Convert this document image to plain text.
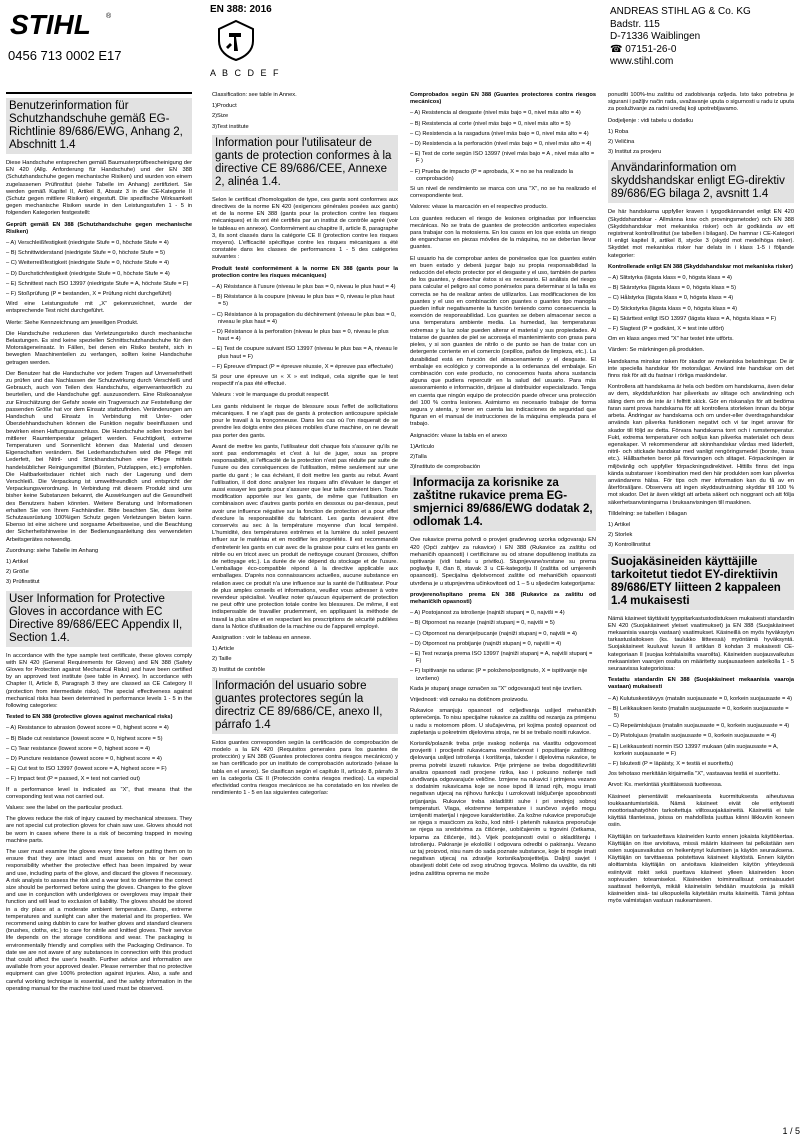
STIHL ®
0456 713 0002 E17
EN 388: 2016
A B C D E F
ANDREAS STIHL AG & Co. KG
Badstr. 115
D-71336 Waiblingen
☎ 07151-26-0
www.stihl.com
Benutzerinformation für Schutzhandschuhe gemäß EG-Richtlinie 89/686/EWG, Anhang 2, Abschnitt 1.4

Diese Handschuhe entsprechen gemäß Baumusterprüfbescheinigung der EN 420 (Allg. Anforderung für Handschuhe) und der EN 388 (Schutzhandschuhe gegen mechanische Risiken) und wurden von einem zugelassenen Prüfinstitut (siehe Tabelle im Anhang) zertifiziert. Sie werden gemäß Kapitel II, Artikel 8, Absatz 3 in die CE-Kategorie II (Schutz gegen mittlere Risiken) eingestuft. Die spezifische Wirksamkeit gegen mechanische Risiken wurde in den Leistungsstufen 1 - 5 in folgenden Kategorien festgestellt:

Geprüft gemäß EN 388 (Schutzhandschuhe gegen mechanische Risiken)

– A) Verschleißfestigkeit (niedrigste Stufe = 0, höchste Stufe = 4)
– B) Schnittwiderstand (niedrigste Stufe = 0, höchste Stufe = 5)
– C) Weiterreißfestigkeit (niedrigste Stufe = 0, höchste Stufe = 4)
– D) Durchstichfestigkeit (niedrigste Stufe = 0, höchste Stufe = 4)
– E) Schnittest nach ISO 13997 (niedrigste Stufe = A, höchste Stufe = F)
– F) Stoßprüfung (P = bestanden, X = Prüfung nicht durchgeführt)

Wird eine Leistungsstufe mit „X“ gekennzeichnet, wurde der entsprechende Test nicht durchgeführt.

Werte: Siehe Kennzeichnung am jeweiligen Produkt.

Die Handschuhe reduzieren das Verletzungsrisiko durch mechanische Belastungen. Es sind keine speziellen Schnittschutzhandschuhe für den Motorsägeneinsatz. In Fällen, bei denen ein Risiko besteht, sich in bewegten Maschinenteilen zu verfangen, sollten keine Handschuhe getragen werden.

Der Benutzer hat die Handschuhe vor jedem Tragen auf Unversehrtheit zu prüfen und das Nachlassen der Schutzwirkung durch Verschleiß und Gebrauch, auch von Teilen des Handschuhs, eigenverantwortlich zu beurteilen, und die Handschuhe ggf. auszusondern. Eine Risikoanalyse zur Einschätzung der Gefahr sowie ein Tragversuch zur Feststellung der passenden Größe hat vor dem Einsatz stattzufinden. Veränderungen am Handschuh und Einsatz in Verbindung mit Unter- oder Überziehhandschuhen können die Funktion negativ beeinflussen und bewirken einen Haftungsausschluss. Die Handschuhe sollen trocken bei mittlerer Raumtemperatur gelagert werden. Feuchtigkeit, extreme Temperaturen und Sonnenlicht können das Material und dessen Eigenschaften verändern. Bei Lederhandschuhen wird die Pflege mit Lederfett, bei Nitril- und Strickhandschuhen eine Pflege mittels handelsüblicher Reinigungsmittel (Bürsten, Putzlappen, etc.) empfohlen. Die Haltbarkeitsdauer richtet sich nach der Lagerung und dem Verschleiß. Die Verpackung ist umweltfreundlich und entspricht der Verpackungsverordnung. In Verbindung mit diesem Produkt sind uns bisher keine Substanzen bekannt, die Auswirkungen auf die Gesundheit des Benutzers haben könnten. Weitere Beratung und Informationen erhalten Sie von Ihrem Fachhändler. Bitte beachten Sie, dass keine Schutzausrüstung 100%igen Schutz gegen Verletzungen bieten kann. Ebenso ist eine sichere und sorgsame Arbeitsweise, und die Beachtung der Sicherheitshinweise in der Bedienungsanleitung des verwendeten Arbeitsgerätes notwendig.

Zuordnung: siehe Tabelle im Anhang

1) Artikel
2) Größe
3) Prüfinstitut
User Information for Protective Gloves in accordance with EC Directive 89/686/EEC Appendix II, Section 1.4.

In accordance with the type sample test certificate, these gloves comply with EN 420 (General Requirements for Gloves) and EN 388 (Safety Gloves for Protection against Mechanical Risks) and have been certified by an approved test institute (see table in Annex). In accordance with Chapter II, Article 8, Paragraph 3 they are classed as CE Category II (protection from intermediate risks). The special effectiveness against mechanical risks has been determined in performance levels 1 - 5 in the following categories:

Tested to EN 388 (protective gloves against mechanical risks)

– A) Resistance to abrasion (lowest score = 0, highest score = 4)
– B) Blade cut resistance (lowest score = 0, highest score = 5)
– C) Tear resistance (lowest score = 0, highest score = 4)
– D) Puncture resistance (lowest score = 0, highest score = 4)
– E) Cut test to ISO 13997 (lowest score = A, highest score = F)
– F) Impact test (P = passed, X = test not carried out)

If a performance level is indicated as “X”, that means that the corresponding test was not carried out.

Values: see the label on the particular product.

The gloves reduce the risk of injury caused by mechanical stresses. They are not special cut protection gloves for chain saw use. Gloves should not be worn in cases where there is a risk of becoming trapped in moving machine parts.

The user must examine the gloves every time before putting them on to ensure that they are intact and must assess on his or her own responsibility whether the protective effect has been impaired by wear and use, including parts of the glove, and discard the gloves if necessary. A risk analysis to assess the risk and a wear test to determine the correct size should be performed before using the gloves. Changes to the glove and use in conjunction with underlgloves or overgloves may impair their function and will lead to exclusion of liability. The gloves should be stored in a dry place at a moderate ambient temperature. Damp, extreme temperatures and sunlight can alter the material and its properties. We recommend using dubbin to care for leather gloves and standard cleaners (brushes, cloths, etc.) to care for nitrile and knitted gloves. Their service life depends on the storage conditions and wear. The packaging is environmentally friendly and complies with the Packaging Ordinance. To date we are not aware of any substances in connection with this product that could affect the user's health. Further advice and information are available from your approved dealer. Please remember that no protective equipment can give 100% protection against injuries. Also, a safe and careful working technique is essential, and the safety information in the operating manual for the machine tool used must be observed.

Classification: see table in Annex.

1)Product
2)Size
3)Test institute
Information pour l'utilisateur de gants de protection conformes à la directive CE 89/686/CEE, Annexe 2, alinéa 1.4.

Selon le certificat d'homologation de type, ces gants sont conformes aux directives de la norme EN 420 (exigences générales posées aux gants) et de la norme EN 388 (gants pour la protection contre les risques mécaniques) et ils ont été certifiés par un institut de contrôle agréé (voir le tableau en annexe). Conformément au chapitre II, article 8, paragraphe 3, ils sont classés dans la catégorie CE II (protection contre les risques moyens). L'efficacité spécifique contre les risques mécaniques a été constatée dans les classes de performances 1 - 5 des catégories suivantes :

Produit testé conformément à la norme EN 388 (gants pour la protection contre les risques mécaniques)

– A) Résistance à l'usure (niveau le plus bas = 0, niveau le plus haut = 4)
– B) Résistance à la coupure (niveau le plus bas = 0, niveau le plus haut = 5)
– C) Résistance à la propagation du déchirement (niveau le plus bas = 0, niveau le plus haut = 4)
– D) Résistance à la perforation (niveau le plus bas = 0, niveau le plus haut = 4)
– E) Test de coupure suivant ISO 13997 (niveau le plus bas = A, niveau le plus haut = F)
– F) Épreuve d'impact (P = épreuve réussie, X = épreuve pas effectuée)

Si pour une épreuve un « X » est indiqué, cela signifie que le test respectif n'a pas été effectué.

Valeurs : voir le marquage du produit respectif.

Les gants réduisent le risque de blessure sous l'effet de sollicitations mécaniques. Il ne s'agit pas de gants à protection anticoupure spéciale pour le travail à la tronçonneuse. Dans les cas où l'on risquerait de se prendre les doigts entre des pièces mobiles d'une machine, on ne devrait pas porter des gants.

Avant de mettre les gants, l'utilisateur doit chaque fois s'assurer qu'ils ne sont pas endommagés et c'est à lui de juger, sous sa propre responsabilité, si l'efficacité de la protection n'est pas réduite par suite de l'usure ou des conséquences de l'utilisation, même seulement sur une partie du gant ; le cas échéant, il doit mettre les gants au rebut. Avant l'utilisation, il doit donc analyser les risques afin d'évaluer le danger et aussi essayer les gants pour s'assurer que leur taille convient bien. Toute modification apportée sur les gants, de même que l'utilisation en combinaison avec d'autres gants portés en dessous ou par-dessus, peut avoir une influence négative sur la fonction de protection et a pour effet d'exclure la responsabilité du fabricant. Les gants devraient être conservés au sec à la température moyenne d'un local tempéré. L'humidité, des températures extrêmes et la lumière du soleil peuvent influer sur le matériau et en modifier les propriétés. Il est recommandé d'entretenir les gants en cuir avec de la graisse pour cuirs et les gants en nitrile ou en tricot avec un produit de nettoyage courant (brosses, chiffon de nettoyage etc.). La durée de vie dépend du stockage et de l'usure. L'emballage éco-compatible répond à la directive applicable aux emballages. D'après nos connaissances actuelles, aucune substance en relation avec ce produit n'a une influence sur la santé de l'utilisateur. Pour de plus amples conseils et informations, veuillez vous adresser à votre revendeur spécialisé. Veuillez noter qu'aucun équipement de protection ne peut offrir une protection totale contre les blessures. De même, il est indispensable de travailler prudemment, en appliquant la méthode de travail la plus sûre et en respectant les prescriptions de sécurité publiées dans la Notice d'utilisation de la machine ou de l'appareil employé.

Assignation : voir le tableau en annexe.

1) Article
2) Taille
3) Institut de contrôle
Información del usuario sobre guantes protectores según la directriz CE 89/686/CE, anexo II, párrafo 1.4

Estos guantes corresponden según la certificación de comprobación de modelo a la EN 420 (Requisitos generales para los guantes de protección) y EN 388 (Guantes protectores contra riesgos mecánicos) y se han certificado por un instituto de comprobación autorizado (véase la tabla en el anexo). Se clasifican según el capítulo II, artículo 8, párrafo 3 en la categoría CE II (Protección contra riesgos medios). La especial efectividad contra riesgos mecánicos se ha constatado en los niveles de rendimiento 1 - 5 en las siguientes categorías:

Comprobados según EN 388 (Guantes protectores contra riesgos mecánicos)

– A) Resistencia al desgaste (nivel más bajo = 0, nivel más alto = 4)
– B) Resistencia al corte (nivel más bajo = 0, nivel más alto = 5)
– C) Resistencia a la rasgadura (nivel más bajo = 0, nivel más alto = 4)
– D) Resistencia a la perforación (nivel más bajo = 0, nivel más alto = 4)
– E) Test de corte según ISO 13997 (nivel más bajo = A , nivel más alto = F )
– F) Prueba de impacto (P = aprobada, X = no se ha realizado la comprobación)

Si un nivel de rendimiento se marca con una "X", no se ha realizado el correspondiente test.

Valores: véase la marcación en el respectivo producto.

Los guantes reducen el riesgo de lesiones originadas por influencias mecánicas. No se trata de guantes de protección anticortes especiales para trabajar con la motosierra. En los casos en los que exista un riesgo de engancharse en piezas móviles de la máquina, no se deberían llevar guantes.

El usuario ha de comprobar antes de ponérselos que los guantes estén en buen estado y deberá juzgar bajo su propia responsabilidad la reducción del efecto protector por el desgaste y el uso, también de partes de los guantes, y desechar éstos si es necesario. El análisis del riesgo para calcular el peligro así como ponérselos para determinar si la talla es correcta se ha de realizar antes de utilizarlos. Las modificaciones de los guantes y el uso en combinación con guantes o guantes tipo manopla pueden influir negativamente la función teniendo como consecuencia la exención de responsabilidad. Los guantes se deben almacenar secos a una temperatura ambiente media. La humedad, las temperaturas extremas y la luz solar pueden alterar el material y sus propiedades. Al tratarse de guantes de piel se aconseja el mantenimiento con grasa para pieles, y si son guantes de nitrilo o de punto se han de tratar con un detergente corriente en el comercio (cepillos, paños de limpieza, etc.). La durabilidad está en función del almacenamiento y el desgaste. El embalaje es ecológico y corresponde a la ordenanza del embalaje. En combinación con este producto, no conocemos hasta ahora sustancia alguna que pudiera repercutir en la salud del usuario. Para más asesoramiento e información, diríjase al distribuidor especializado. Tenga en cuenta que ningún equipo de protección puede ofrecer una protección del 100 % contra lesiones. Asimismo es necesario trabajar de forma segura y atenta, y tener en cuenta las indicaciones de seguridad que figuran en el manual de instrucciones de la máquina empleada para el trabajo.

Asignación: véase la tabla en el anexo

1)Artículo
2)Talla
3)Instituto de comprobación
Informacija za korisnike za zaštitne rukavice prema EG-smjernici 89/686/EWG dodatak 2, odlomak 1.4.

Ove rukavice prema potvrdi o provjeri građevnog uzorka odgovaraju EN 420 (Opći zahtjev za rukavice) i EN 388 (Rukavice za zaštitu od mehaničih opasnosti) i certificirane su od strane dopuštenog instituta za ispitivanje (vidi tabelu u privitku). Stupnjevane/svrstane su prema poglavlju II, član 8, stavak 3 u CE-kategoriju II (zaštita od umjerenih opasnosti). Specijalna djelotvornost zaštite od mehaničkih opasnosti utvrđena je u stupnjevima učinkovitosti od 1 – 5 u sljedećim kategorijama:

provjereno/ispitano prema EN 388 (Rukavice za zaštitu od mehaničkih opasnosti)

– A) Postojanost za istrošenje (najniži stupanj = 0, najviši = 4)
– B) Otpornost na rezanje (najniži stupanj = 0, najviši = 5)
– C) Otpornost na deranje/pucanje (najniži stupanj = 0, najviši = 4)
– D) Otpornost na probijanje (najniži stupanj = 0, najviši = 4)
– E) Test rezanja prema ISO 13997 (najniži stupanj = A, najviši stupanj = F)
– F) Ispitivanje na udarac (P = položeno/postignuto, X = ispitivanje nije izvršeno)

Kada je stupanj snage označen sa "X" odgovarajući test nije izvršen.

Vrijednosti: vidi oznaku na dotičnom proizvodu.

Rukavice smanjuju opasnost od ozljeđivanja uslijed mehaničkih opterećenja. To nisu specijalne rukavice za zaštitu od rezanja za primjenu u radu s motornom pilom. U slučajevima, pri kojima postoji opasnost od zapletanja u pokretnim dijelovima stroja, ne bi se trebalo nositi rukavice.

Korisnik/polaznik treba prije svakog nošenja na vlastitu odgovornost provjeriti i procijeniti rukavicama neoštećenost i popuštanje zaštitnog djelovanja uslijed istrošenja i korištenja, također i dijelovima rukavice, te prema potrebi izuzeti rukavice. Prije primjene se treba dogoditi/izvršiti analiza opasnosti radi procjene rizika, kao i pokusno nošenje radi utvrđivanja odgovarajuće veličine. Izmjene na rukavici i primjena vezano s dodatnim rukavicama koje se nose ispod ili iznad njih, mogu imati negativan utjecaj na njihovu funkciju i uzrokovati isključenje sposobnosti prijanjanja. Rukavice treba skladištiti suhe i pri srednjoj sobnoj temperaturi. Vlaga, ekstremne temperature i sunčevo svjetlo mogu izmijeniti materijal i njegove karakteristike. Za kožne rukavice preporučuje se njega s masćicom za kožu, kod nitril- i pletenih rukavica preporučuje se njega sa sredstvima za čišćenje, uobičajenim u trgovini (četkama, krpama za čišćenje, itd.). Vijek postojanosti ovisi o skladištenju i istrošenju. Pakiranje je ekološki i odgovara odredbi o pakiranju. Vezano uz taj proizvod, nisu nam do sada poznate substance, koje bi mogle imati negativan utjecaj na zdravlje korisnika/posjetitelja. Daljnji savjet i obavijesti dobit ćete od svog stručnog trgovca. Molimo da uvažite, da niti jedna zaštitna oprema ne može

ponuditi 100%-tnu zaštitu od zadobivanja ozljeda. Isto tako potrebna je sigurani i pažljiv način rada, uvažavanje uputa o sigurnosti u radu iz uputa za posluživanje za radni uređaj koji upotrebljavamo.

Dodjeljenje : vidi tabelu u dodatku

1) Roba
2) Veličina
3) Institut za provjeru
Användarinformation om skyddshandskar enligt EG-direktiv 89/686/EG bilaga 2, avsnitt 1.4

De här handskarna uppfyller kraven i typgodkännandet enligt EN 420 (Skyddshandskar - Allmänna krav och provningsmetoder) och EN 388 (Skyddshandskar mot mekaniska risker) och är godkända av ett registrerat kontrollinstitut (se tabellen i bilagan). De hamnar i CE-Kategori II enligt kapitel II, artikel 8, stycke 3 (skydd mot medelhöga risker). Skyddet mot mekaniska risker har delats in i klass 1-5 i följande kategorier:

Kontrollerade enligt EN 388 (Skyddshandskar mot mekaniska risker)

– A) Slitstyrka (lägsta klass = 0, högsta klass = 4)
– B) Skärstyrka (lägsta klass = 0, högsta klass = 5)
– C) Hålstyrka (lägsta klass = 0, högsta klass = 4)
– D) Stickstyrka (lägsta klass = 0, högsta klass = 4)
– E) Skärttest enligt ISO 13997 (lägsta klass = A, högsta klass = F)
– F) Slagtest (P = godkänt, X = test inte utfört)

Om en klass anges med "X" har testet inte utförts.

Värden: Se märkningen på produkten.

Handskarna minskar risken för skador av mekaniska belastningar. De är inte speciella handskar för motorsågar. Använd inte handskar om det finns risk för att du fastnar i rörliga maskindelar.

Kontrollera att handskarna är hela och bedöm om handskarna, även delar av dem, skyddsfunktion har påverkats av slitage och användning och släng dem om de inte är i felfritt skick. Gör en riskanalys för att bedöma faran samt prova handskarna för att kontrollera storleken innan du börjar arbeta. Ändringar av handskarna och om under-eller överdragshandskar används kan påverka funktionen negativt och vi tar inget ansvar för skador till följd av detta. Förvara handskarna torrt och i rumstemperatur. Fukt, extrema temperaturer och solljus kan påverka materialet och dess egenskaper. Vi rekommenderar att skinnhandskar vårdas med läderfett, nitril- och stickade handskar med vanligt rengöringsmedel (borste, trasa etc.). Hållbarheten beror på förvaringen och slitaget. Förpackningen är miljövänlig och uppfyller förpackningsdirektivet. Hittills finns det inga kända substanser i kombination med den här produkten som kan påverka användarens hälsa. För tips och mer information kan du få av en återförsäljare. Observera att ingen skyddsutrustning skyddar till 100 % mot skador. Det är även viktigt att arbeta säkert och noggrant och att följa säkerhetsanvisningarna i bruksanvisningen till maskinen.

Tilldelning: se tabellen i bilagan

1) Artikel
2) Storlek
3) Kontrollinstitut
Suojakäsineiden käyttäjille tarkoitetut tiedot EY-direktiivin 89/686/ETY liitteen 2 kappaleen 1.4 mukaisesti

Nämä käsineet täyttävät tyyppitarkastustodistuksen mukaisesti standardin EN 420 (Suojakäsineet yleiset vaatimukset) ja EN 388 (Suojakäsineet mekaanisia vaaroja vastaan) vaatimukset. Käsineillä on myös hyväksytyn tarkastuslaitoksen (ks. taulukko liitteessä) myöntämä hyväksyntä. Suojakäsineet kuuluvat luvun II artiklan 8 kohdan 3 mukaisesti CE-kategoriaan II (suojaa kohtalaisilta vaaroilta). Käsineiden suojausvaikutus mekaanisten vaarojen osalta on määritetty suojausasteen asteikolla 1 - 5 seuraavissa kategorioissa:

Testattu standardin EN 388 (Suojakäsineet mekaanisia vaaroja vastaan) mukaisesti

– A) Kulutuskestävyys (matalin suojausaste = 0, korkein suojausaste = 4)
– B) Leikkauksen kesto (matalin suojausaste = 0, korkein suojausaste = 5)
– C) Repeämislujuus (matalin suojausaste = 0, korkein suojausaste = 4)
– D) Pistolujuus (matalin suojausaste = 0, korkein suojausaste = 4)
– E) Leikkaustesti normin ISO 13997 mukaan (alin suojausaste = A, korkein suojausaste = F)
– F) Iskutesti (P = läpäisty, X = testiä ei suoritettu)

Jos tehotaso merkitään kirjaimella "X", vastaavaa testiä ei suoritettu.

Arvot: Ks. merkintää yksittäisessä tuotteessa.

Käsineet pienentävät mekaanisesta kuormituksesta aiheutuvaa loukkaantumisriskiä. Nämä käsineet eivät ole erityisesti moottorisahatyöhön tarkoitettuja viiltosuojakäsineitä. Käsineitä ei tule käyttää tilanteissa, joissa on mahdollista juuttua kiinni liikkuviin koneen osiin.

Käyttäjän on tarkastettava käsineiden kunto ennen jokaista käyttökertaa. Käyttäjän on itse arvioitava, missä määrin käsineen tai pelkästään sen osien suojausvaikutus on heikentynyt kulumisen ja käytön seurauksena. Käyttäjän on tarvittaessa poistettava käsineet käytöstä. Ennen käytön aloittamista käyttäjän on arvioitava käsineiden käytön yhteydessä esiintyvät riskit sekä puettava käsineet ylleen käsineiden koon sopivuuden toteamiseksi. Käsineiden toiminnallisuut ominaisuudet saattavat heikentyä, mikäli käsineisiin tehdään muutoksia ja mikäli käsineiden sisä- tai ulkopuolella käytetään muita käsineitä. Tämä johtaa myös valmistajan vastuun raukeamiseen.

1 / 5
